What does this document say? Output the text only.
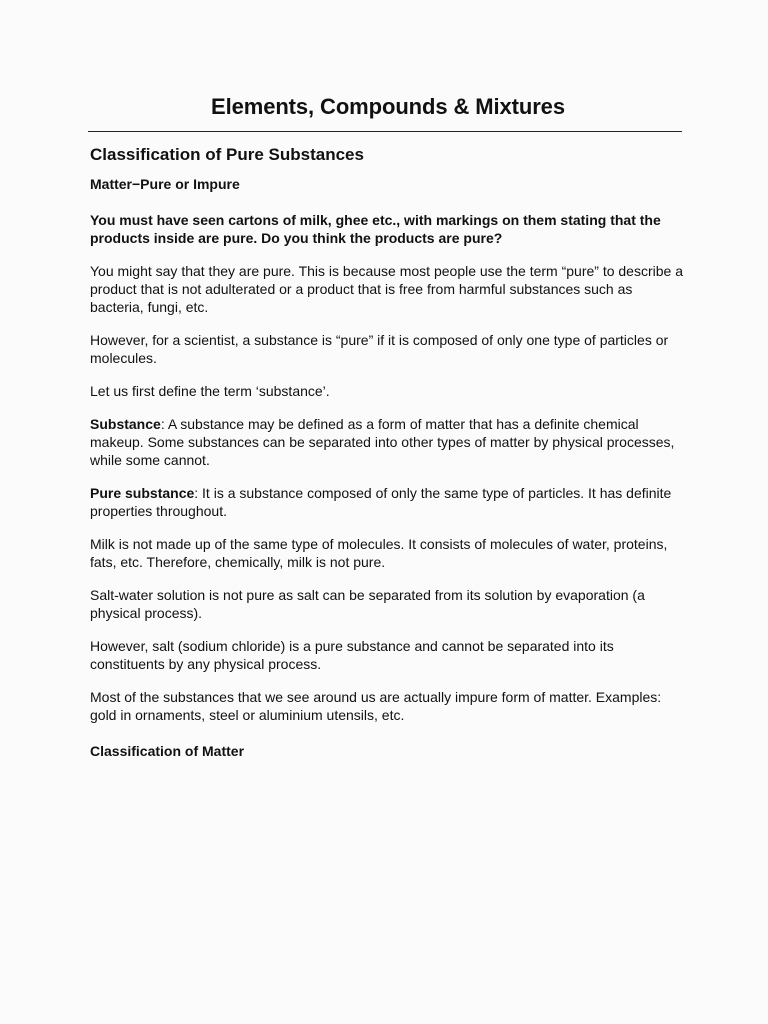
Elements, Compounds & Mixtures
Classification of Pure Substances
Matter−Pure or Impure

You must have seen cartons of milk, ghee etc., with markings on them stating that the products inside are pure. Do you think the products are pure?

You might say that they are pure. This is because most people use the term “pure” to describe a product that is not adulterated or a product that is free from harmful substances such as bacteria, fungi, etc.

However, for a scientist, a substance is “pure” if it is composed of only one type of particles or molecules.

Let us first define the term ‘substance’.

Substance: A substance may be defined as a form of matter that has a definite chemical makeup. Some substances can be separated into other types of matter by physical processes, while some cannot.

Pure substance: It is a substance composed of only the same type of particles. It has definite properties throughout.

Milk is not made up of the same type of molecules. It consists of molecules of water, proteins, fats, etc. Therefore, chemically, milk is not pure.

Salt-water solution is not pure as salt can be separated from its solution by evaporation (a physical process).

However, salt (sodium chloride) is a pure substance and cannot be separated into its constituents by any physical process.

Most of the substances that we see around us are actually impure form of matter. Examples: gold in ornaments, steel or aluminium utensils, etc.

Classification of Matter
